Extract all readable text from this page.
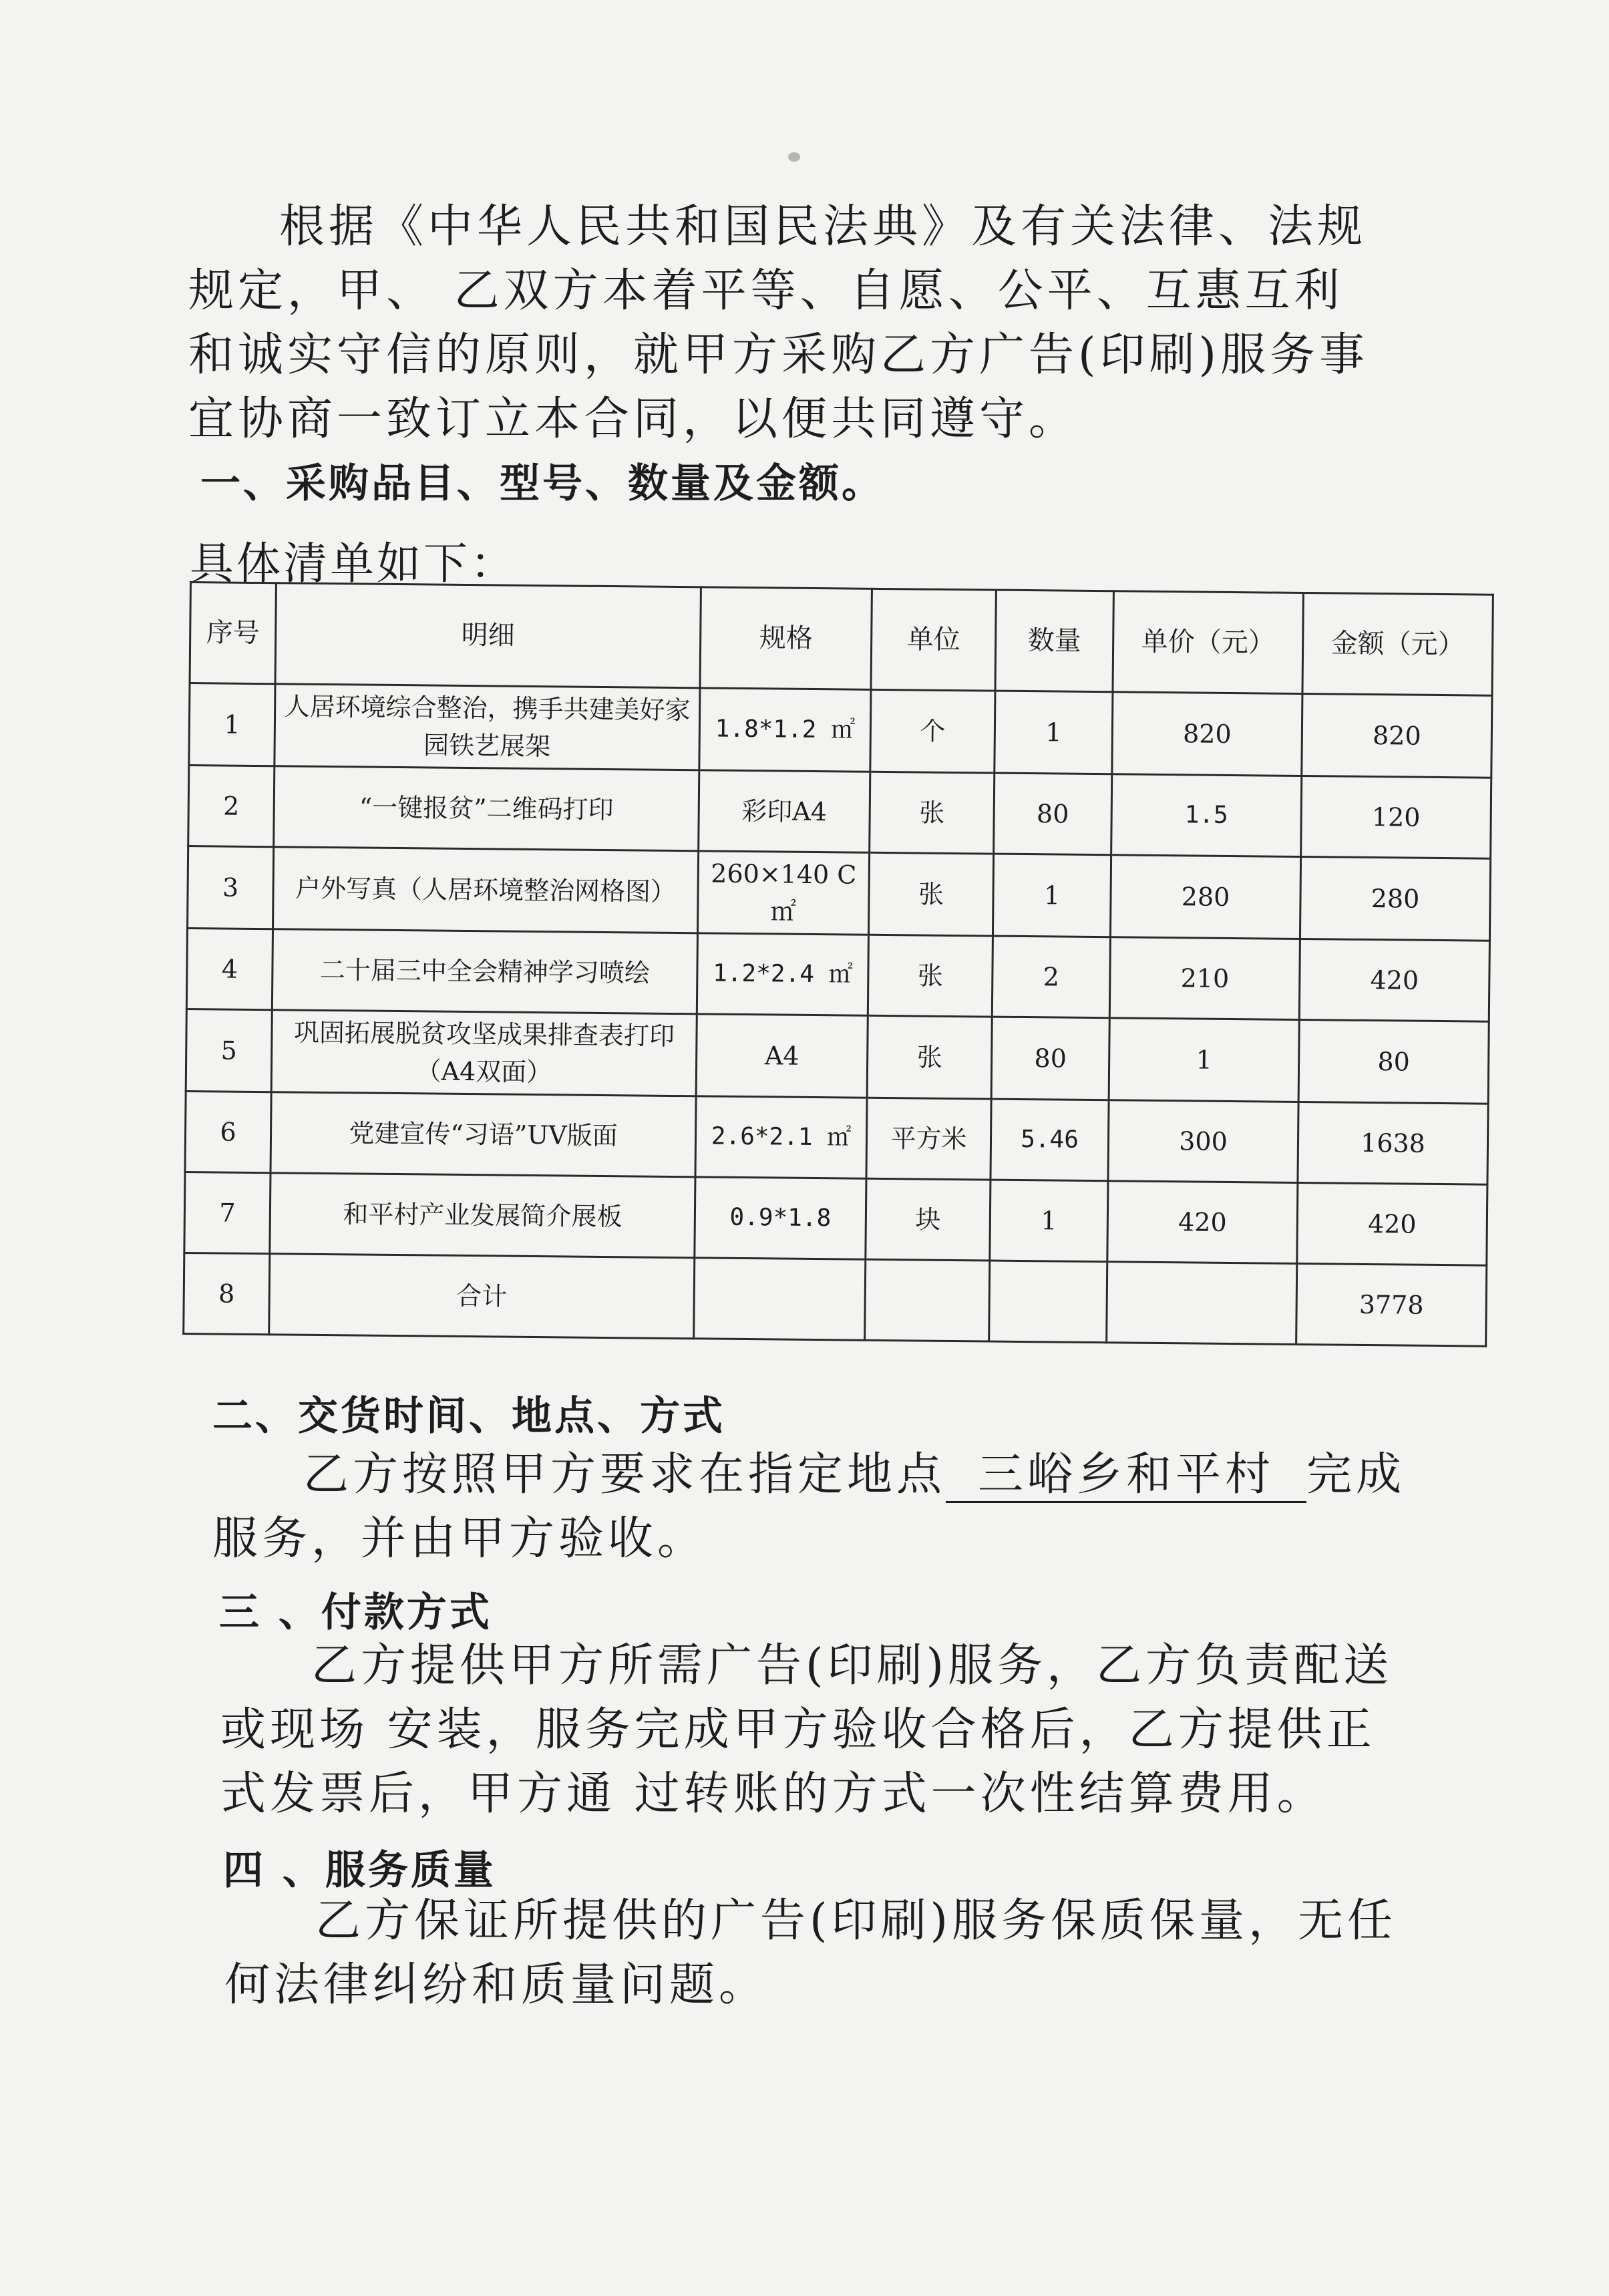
根据《中华人民共和国民法典》及有关法律、法规规定，甲、 乙双方本着平等、自愿、公平、互惠互利和诚实守信的原则，就甲方采购乙方广告(印刷)服务事宜协商一致订立本合同，以便共同遵守。

一、采购品目、型号、数量及金额。

具体清单如下：

序号	明细	规格	单位	数量	单价（元）	金额（元）
1	人居环境综合整治，携手共建美好家园铁艺展架	1.8*1.2 ㎡	个	1	820	820
2	“一键报贫”二维码打印	彩印A4	张	80	1.5	120
3	户外写真（人居环境整治网格图）	260×140 C㎡	张	1	280	280
4	二十届三中全会精神学习喷绘	1.2*2.4 ㎡	张	2	210	420
5	巩固拓展脱贫攻坚成果排查表打印（A4双面）	A4	张	80	1	80
6	党建宣传“习语”UV版面	2.6*2.1 ㎡	平方米	5.46	300	1638
7	和平村产业发展简介展板	0.9*1.8	块	1	420	420
8	合计					3778

二、交货时间、地点、方式

乙方按照甲方要求在指定地点 三峪乡和平村 完成服务，并由甲方验收。

三 、付款方式

乙方提供甲方所需广告(印刷)服务，乙方负责配送或现场 安装，服务完成甲方验收合格后，乙方提供正式发票后，甲方通 过转账的方式一次性结算费用。

四 、服务质量

乙方保证所提供的广告(印刷)服务保质保量，无任何法律纠纷和质量问题。
